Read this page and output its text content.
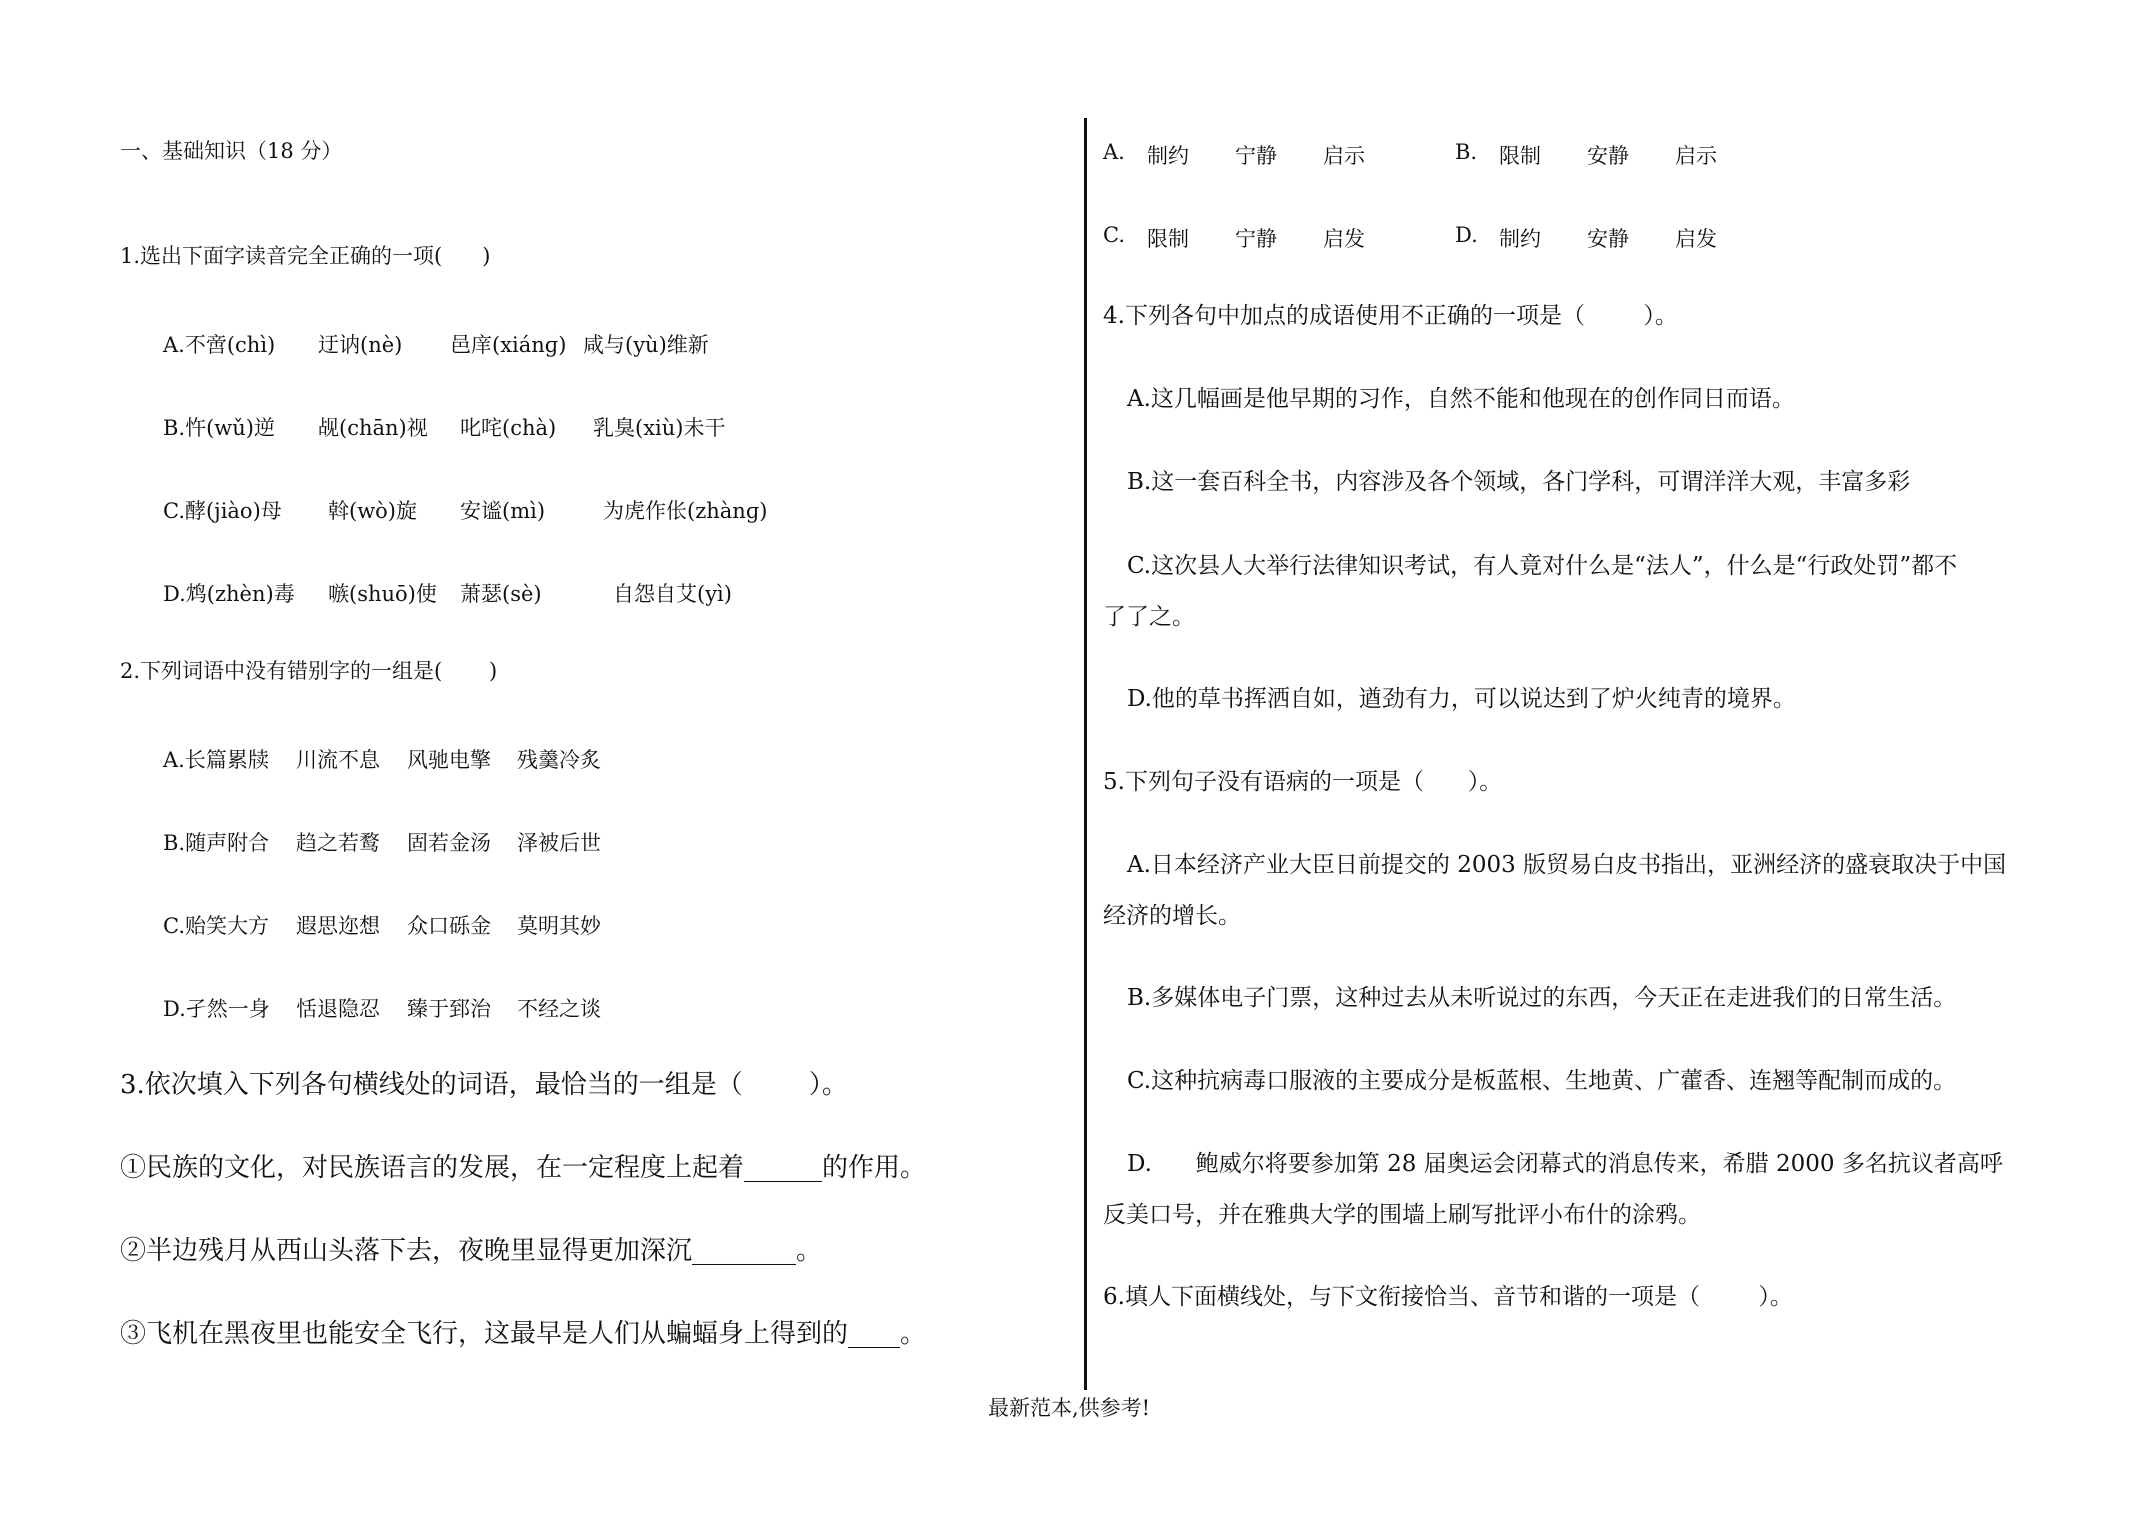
一、基础知识（18 分）
1.选出下面字读音完全正确的一项(      )
A.不啻(chì)	迂讷(nè)	邑庠(xiánɡ) 咸与(yù)维新
B.忤(wǔ)逆	觇(chān)视	叱咤(chà)	乳臭(xiù)未干
C.酵(jiào)母	斡(wò)旋	安谧(mì)	为虎作伥(zhànɡ)
D.鸩(zhèn)毒	嗾(shuō)使	萧瑟(sè)	自怨自艾(yì)
2.下列词语中没有错别字的一组是(       )
A.长篇累牍	川流不息	风驰电擎	残羹冷炙
B.随声附合	趋之若鹜	固若金汤	泽被后世
C.贻笑大方	遐思迩想	众口砾金	莫明其妙
D.孑然一身	恬退隐忍	臻于郅治	不经之谈
3.依次填入下列各句横线处的词语，最恰当的一组是（        ）。
①民族的文化，对民族语言的发展，在一定程度上起着______的作用。
②半边残月从西山头落下去，夜晚里显得更加深沉________。
③飞机在黑夜里也能安全飞行，这最早是人们从蝙蝠身上得到的____。
A.	制约	宁静	启示	B.	限制	安静	启示
C.	限制	宁静	启发	D.	制约	安静	启发
4.下列各句中加点的成语使用不正确的一项是（        ）。
A.这几幅画是他早期的习作，自然不能和他现在的创作同日而语。
B.这一套百科全书，内容涉及各个领域，各门学科，可谓洋洋大观，丰富多彩
C.这次县人大举行法律知识考试，有人竟对什么是“法人”，什么是“行政处罚”都不
了了之。
D.他的草书挥洒自如，遒劲有力，可以说达到了炉火纯青的境界。
5.下列句子没有语病的一项是（      ）。
A.日本经济产业大臣日前提交的 2003 版贸易白皮书指出，亚洲经济的盛衰取决于中国
经济的增长。
B.多媒体电子门票，这种过去从未听说过的东西，今天正在走进我们的日常生活。
C.这种抗病毒口服液的主要成分是板蓝根、生地黄、广藿香、连翘等配制而成的。
D.      鲍威尔将要参加第 28 届奥运会闭幕式的消息传来，希腊 2000 多名抗议者高呼
反美口号，并在雅典大学的围墙上刷写批评小布什的涂鸦。
6.填人下面横线处，与下文衔接恰当、音节和谐的一项是（        ）。
最新范本,供参考!
